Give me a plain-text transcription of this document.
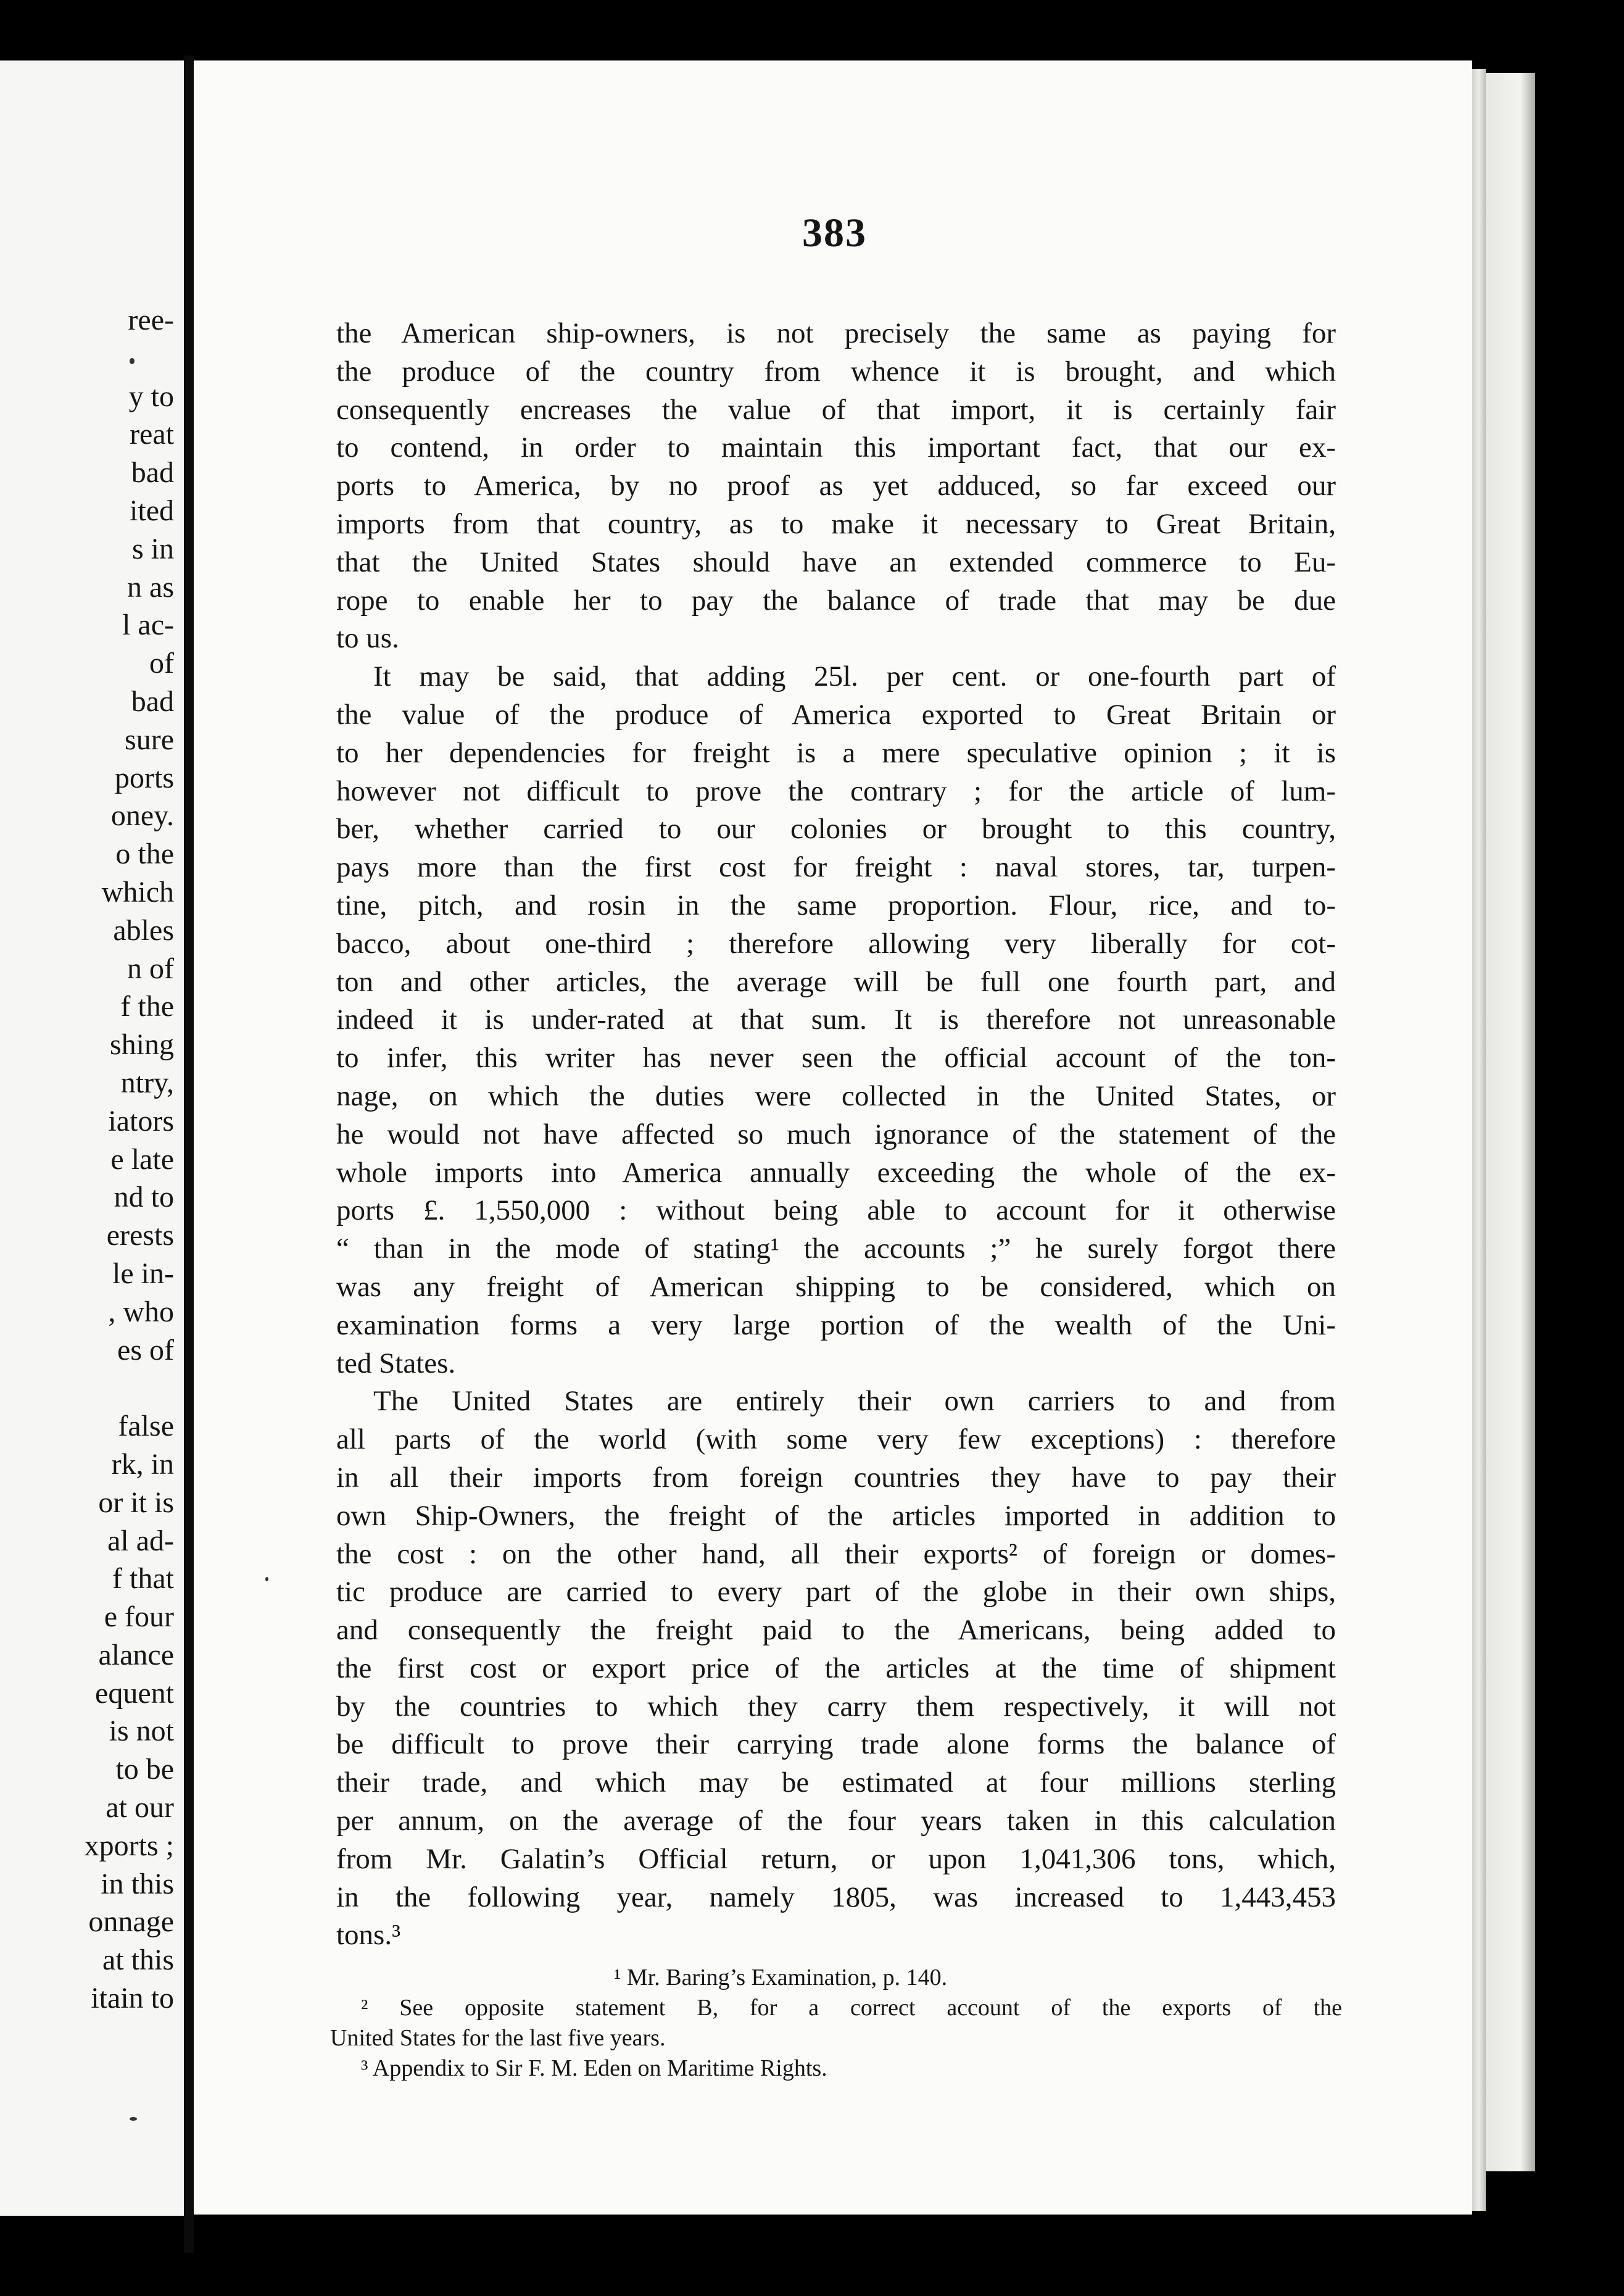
ree-
y to
reat
bad
ited
s in
n as
l ac-
of
bad
sure
ports
oney.
o the
which
ables
n of
f the
shing
ntry,
iators
e late
nd to
erests
le in-
, who
es of
false
rk, in
or it is
al ad-
f that
e four
alance
equent
is not
to be
at our
xports ;
in this
onnage
at this
itain to
383
the American ship-owners, is not precisely the same as paying for
the produce of the country from whence it is brought, and which
consequently encreases the value of that import, it is certainly fair
to contend, in order to maintain this important fact, that our ex-
ports to America, by no proof as yet adduced, so far exceed our
imports from that country, as to make it necessary to Great Britain,
that the United States should have an extended commerce to Eu-
rope to enable her to pay the balance of trade that may be due
to us.
It may be said, that adding 25l. per cent. or one-fourth part of
the value of the produce of America exported to Great Britain or
to her dependencies for freight is a mere speculative opinion ; it is
however not difficult to prove the contrary ; for the article of lum-
ber, whether carried to our colonies or brought to this country,
pays more than the first cost for freight : naval stores, tar, turpen-
tine, pitch, and rosin in the same proportion. Flour, rice, and to-
bacco, about one-third ; therefore allowing very liberally for cot-
ton and other articles, the average will be full one fourth part, and
indeed it is under-rated at that sum. It is therefore not unreasonable
to infer, this writer has never seen the official account of the ton-
nage, on which the duties were collected in the United States, or
he would not have affected so much ignorance of the statement of the
whole imports into America annually exceeding the whole of the ex-
ports £. 1,550,000 : without being able to account for it otherwise
“ than in the mode of stating¹ the accounts ;” he surely forgot there
was any freight of American shipping to be considered, which on
examination forms a very large portion of the wealth of the Uni-
ted States.
The United States are entirely their own carriers to and from
all parts of the world (with some very few exceptions) : therefore
in all their imports from foreign countries they have to pay their
own Ship-Owners, the freight of the articles imported in addition to
the cost : on the other hand, all their exports² of foreign or domes-
tic produce are carried to every part of the globe in their own ships,
and consequently the freight paid to the Americans, being added to
the first cost or export price of the articles at the time of shipment
by the countries to which they carry them respectively, it will not
be difficult to prove their carrying trade alone forms the balance of
their trade, and which may be estimated at four millions sterling
per annum, on the average of the four years taken in this calculation
from Mr. Galatin’s Official return, or upon 1,041,306 tons, which,
in the following year, namely 1805, was increased to 1,443,453
tons.³
¹ Mr. Baring’s Examination, p. 140.
² See opposite statement B, for a correct account of the exports of the
United States for the last five years.
³ Appendix to Sir F. M. Eden on Maritime Rights.
